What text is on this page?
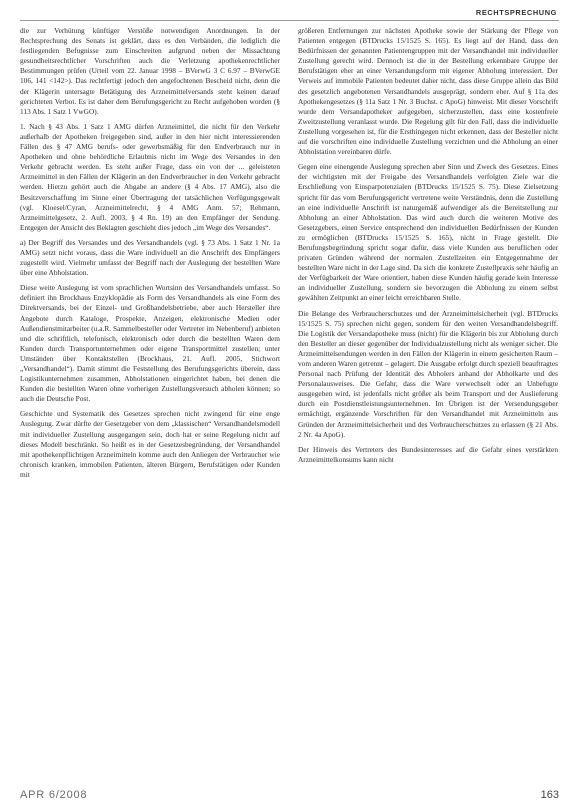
RECHTSPRECHUNG

die zur Verhütung künftiger Verstöße notwendigen Anordnungen. In der Rechtsprechung des Senats ist geklärt, dass es den Verbänden, die lediglich die festliegenden Befugnisse zum Einschreiten aufgrund neben der Missachtung gesundheitsrechtlicher Vorschriften auch die Verletzung apothekenrechtlicher Bestimmungen prüfen (Urteil vom 22. Januar 1998 – BVerwG 3 C 6.97 – BVerwGE 106, 141 <142>). Das rechtfertigt jedoch den angefochtenen Bescheid nicht, denn die der Klägerin untersagte Betätigung des Arzneimittelversands steht keinen darauf gerichteten Verbot. Es ist daher dem Berufungsgericht zu Recht aufgehoben worden (§ 113 Abs. 1 Satz 1 VwGO).

1. Nach § 43 Abs. 1 Satz 1 AMG dürfen Arzneimittel, die nicht für den Verkehr außerhalb der Apotheken freigegeben sind, außer in den hier nicht interessierenden Fällen des § 47 AMG berufs- oder gewerbsmäßig für den Endverbrauch nur in Apotheken und ohne behördliche Erlaubnis nicht im Wege des Versandes in den Verkehr gebracht werden. Es steht außer Frage, dass ein von der ... geleisteten Arzneimittel in den Fällen der Klägerin an den Endverbraucher in den Verkehr gebracht werden. Hierzu gehört auch die Abgabe an andere (§ 4 Abs. 17 AMG), also die Besitzverschaffung im Sinne einer Übertragung der tatsächlichen Verfügungsgewalt (vgl. Kloesel/Cyran, Arzneimittelrecht, § 4 AMG Anm. 57; Rehmann, Arzneimittelgesetz, 2. Aufl. 2003, § 4 Rn. 19) an den Empfänger der Sendung. Entgegen der Ansicht des Beklagten geschieht dies jedoch „im Wege des Versandes“.

a) Der Begriff des Versandes und des Versandhandels (vgl. § 73 Abs. 1 Satz 1 Nr. 1a AMG) setzt nicht voraus, dass die Ware individuell an die Anschrift des Empfängers zugestellt wird. Vielmehr umfasst der Begriff nach der Auslegung der bestellten Ware über eine Abholstation.

Diese weite Auslegung ist vom sprachlichen Wortsinn des Versandhandels umfasst. So definiert ihn Brockhaus Enzyklopädie als Form des Versandhandels als eine Form des Direktversands, bei der Einzel- und Großhandelsbetriebe, aber auch Hersteller ihre Angebote durch Kataloge, Prospekte, Anzeigen, elektronische Medien oder Außendienstmitarbeiter (u.a.R. Sammelbesteller oder Vertreter im Nebenberuf) anbieten und die schriftlich, telefonisch, elektronisch oder durch die bestellten Waren dem Kunden durch Transportunternehmen oder eigene Transportmittel zustellen; unter Umständen über Kontaktstellen (Brockhaus, 21. Aufl. 2005, Stichwort „Versandhandel“). Damit stimmt die Feststellung des Berufungsgerichts überein, dass Logistikunternehmen zusammen, Abholstationen eingerichtet haben, bei denen die Kunden die bestellten Waren ohne vorherigen Zustellungsversuch abholen können; so auch die Deutsche Post.

Geschichte und Systematik des Gesetzes sprechen nicht zwingend für eine enge Auslegung. Zwar dürfte der Gesetzgeber von dem „klassischen“ Versandhandelsmodell mit individueller Zustellung ausgegangen sein, doch hat er seine Regelung nicht auf dieses Modell beschränkt. So heißt es in der Gesetzesbegründung, der Versandhandel mit apothekenpflichtigen Arzneimitteln komme auch den Anliegen der Verbraucher wie chronisch kranken, immobilen Patienten, älteren Bürgern, Berufstätigen oder Kunden mit

größeren Entfernungen zur nächsten Apotheke sowie der Stärkung der Pflege von Patienten entgegen (BTDrucks 15/1525 S. 165). Es liegt auf der Hand, dass den Bedürfnissen der genannten Patientengruppen mit der Versandhandel mit individueller Zustellung gerecht wird. Dennoch ist die in der Bestellung erkennbare Gruppe der Berufstätigen eher an einer Versandungsform mit eigener Abholung interessiert. Der Verweis auf immobile Patienten bedeutet daher nicht, dass diese Gruppe allein das Bild des gesetzlich angebotenen Versandhandels ausgeprägt, sondern eher. Auf § 11a des Apothekengesetzes (§ 11a Satz 1 Nr. 3 Buchst. c ApoG) hinweist. Mit dieser Vorschrift wurde dem Versandapotheker aufgegeben, sicherzustellen, dass eine kostenfreie Zweitzustellung veranlasst wurde. Die Regelung gilt für den Fall, dass die individuelle Zustellung vorgesehen ist, für die Ersthingegen nicht erkennen, dass der Besteller nicht auf die vorschriften eine individuelle Zustellung verzichten und die Abholung an einer Abholstation vereinbaren dürfe.

Gegen eine einengende Auslegung sprechen aber Sinn und Zweck des Gesetzes. Eines der wichtigsten mit der Freigabe des Versandhandels verfolgten Ziele war die Erschließung von Einsparpotenzialen (BTDrucks 15/1525 S. 75). Diese Zielsetzung spricht für das vom Berufungsgericht vertretene weite Verständnis, denn die Zustellung an eine individuelle Anschrift ist naturgemäß aufwendiger als die Bereitstellung zur Abholung an einer Abholstation. Das wird auch durch die weiteren Motive des Gesetzgebers, einen Service entsprechend den individuellen Bedürfnissen der Kunden zu ermöglichen (BTDrucks 15/1525 S. 165), nicht in Frage gestellt. Die Berufungsbegründung spricht sogar dafür, dass viele Kunden aus beruflichen oder privaten Gründen während der normalen Zustellzeiten ein Entgegennahme der bestellten Ware nicht in der Lage sind. Da sich die konkrete Zustellpraxis sehr häufig an der Verfügbarkeit der Ware orientiert, haben diese Kunden häufig gerade kein Interesse an individueller Zustellung, sondern sie bevorzugen die Abholung zu einem selbst gewählten Zeitpunkt an einer leicht erreichbaren Stelle.

Die Belange des Verbraucherschutzes und der Arzneimittelsicherheit (vgl. BTDrucks 15/1525 S. 75) sprechen nicht gegen, sondern für den weiten Versandhandelsbegriff. Die Logistik der Versandapotheke muss (nicht) für die Klägerin bis zur Abholung durch den Besteller an dieser gegenüber der Individualzustellung nicht als weniger sicher. Die Arzneimittelsendungen werden in den Fällen der Klägerin in einem gesicherten Raum – vom anderen Waren getrennt – gelagert. Die Ausgabe erfolgt durch speziell beauftragtes Personal nach Prüfung der Identität des Abholers anhand der Abholkarte und des Personalausweises. Die Gefahr, dass die Ware verwechselt oder an Unbefugte ausgegeben wird, ist jedenfalls nicht größer als beim Transport und der Auslieferung durch ein Postdienstleistungsunternehmen. Im Übrigen ist der Versendungsgeber ermächtigt, ergänzende Vorschriften für den Versandhandel mit Arzneimitteln aus Gründen der Arzneimittelsicherheit und des Verbraucherschutzes zu erlassen (§ 21 Abs. 2 Nr. 4a ApoG).

Der Hinweis des Vertreters des Bundesinteresses auf die Gefahr eines verstärkten Arzneimittelkonsums kann nicht

APR 6/2008	163
